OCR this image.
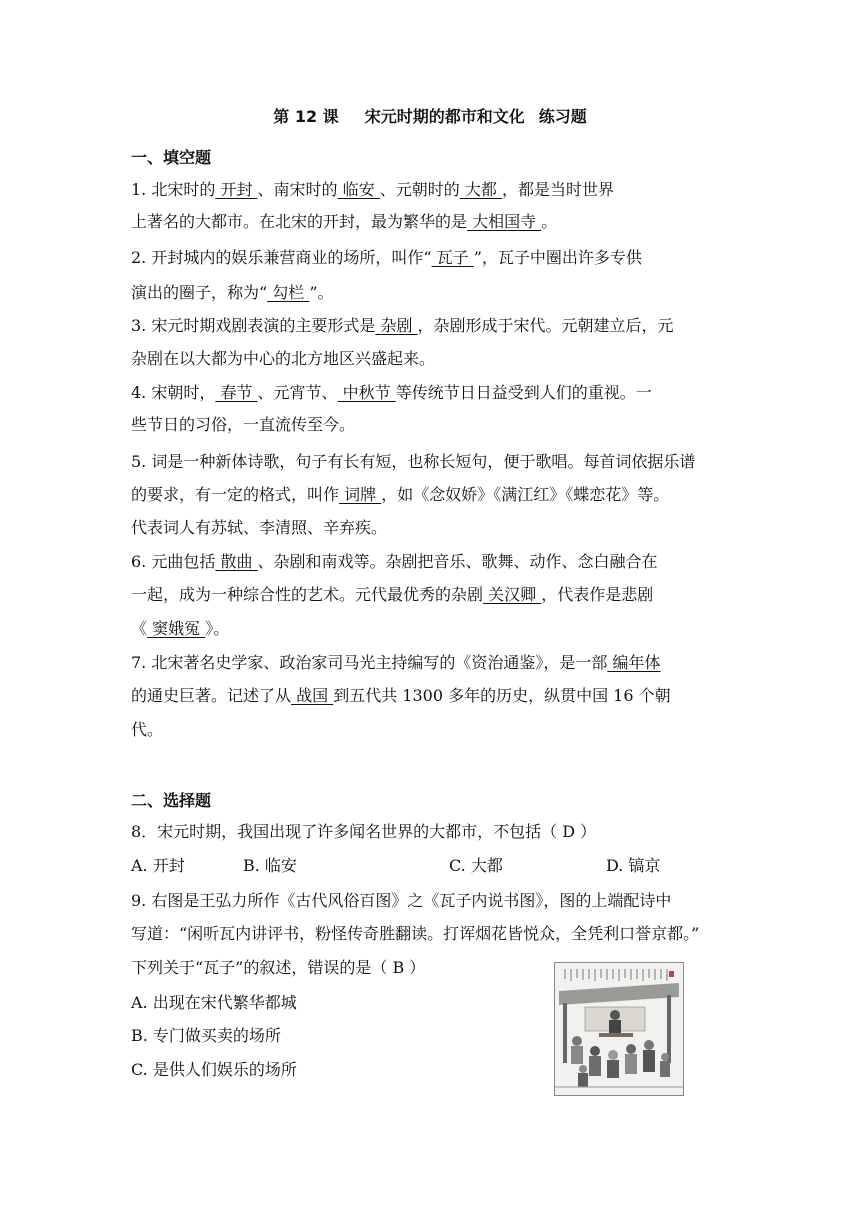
第 12 课 宋元时期的都市和文化 练习题
一、填空题
1. 北宋时的 开封 、南宋时的 临安 、元朝时的 大都 ，都是当时世界
上著名的大都市。在北宋的开封，最为繁华的是 大相国寺 。
2. 开封城内的娱乐兼营商业的场所，叫作“ 瓦子 ”，瓦子中圈出许多专供
演出的圈子，称为“ 勾栏 ”。
3. 宋元时期戏剧表演的主要形式是 杂剧 ，杂剧形成于宋代。元朝建立后，元
杂剧在以大都为中心的北方地区兴盛起来。
4. 宋朝时， 春节 、元宵节、 中秋节 等传统节日日益受到人们的重视。一
些节日的习俗，一直流传至今。
5. 词是一种新体诗歌，句子有长有短，也称长短句，便于歌唱。每首词依据乐谱
的要求，有一定的格式，叫作 词牌 ，如《念奴娇》《满江红》《蝶恋花》等。
代表词人有苏轼、李清照、辛弃疾。
6. 元曲包括 散曲 、杂剧和南戏等。杂剧把音乐、歌舞、动作、念白融合在
一起，成为一种综合性的艺术。元代最优秀的杂剧 关汉卿 ，代表作是悲剧
《 窦娥冤 》。
7. 北宋著名史学家、政治家司马光主持编写的《资治通鉴》，是一部 编年体
的通史巨著。记述了从 战国 到五代共 1300 多年的历史，纵贯中国 16 个朝
代。
二、选择题
8．宋元时期，我国出现了许多闻名世界的大都市，不包括（ D ）
A. 开封	B. 临安	C. 大都	D. 镐京
9. 右图是王弘力所作《古代风俗百图》之《瓦子内说书图》，图的上端配诗中
写道：“闲听瓦内讲评书，粉怪传奇胜翻读。打诨烟花皆悦众，全凭利口誉京都。”
下列关于“瓦子”的叙述，错误的是（ B ）
A. 出现在宋代繁华都城
B. 专门做买卖的场所
C. 是供人们娱乐的场所
